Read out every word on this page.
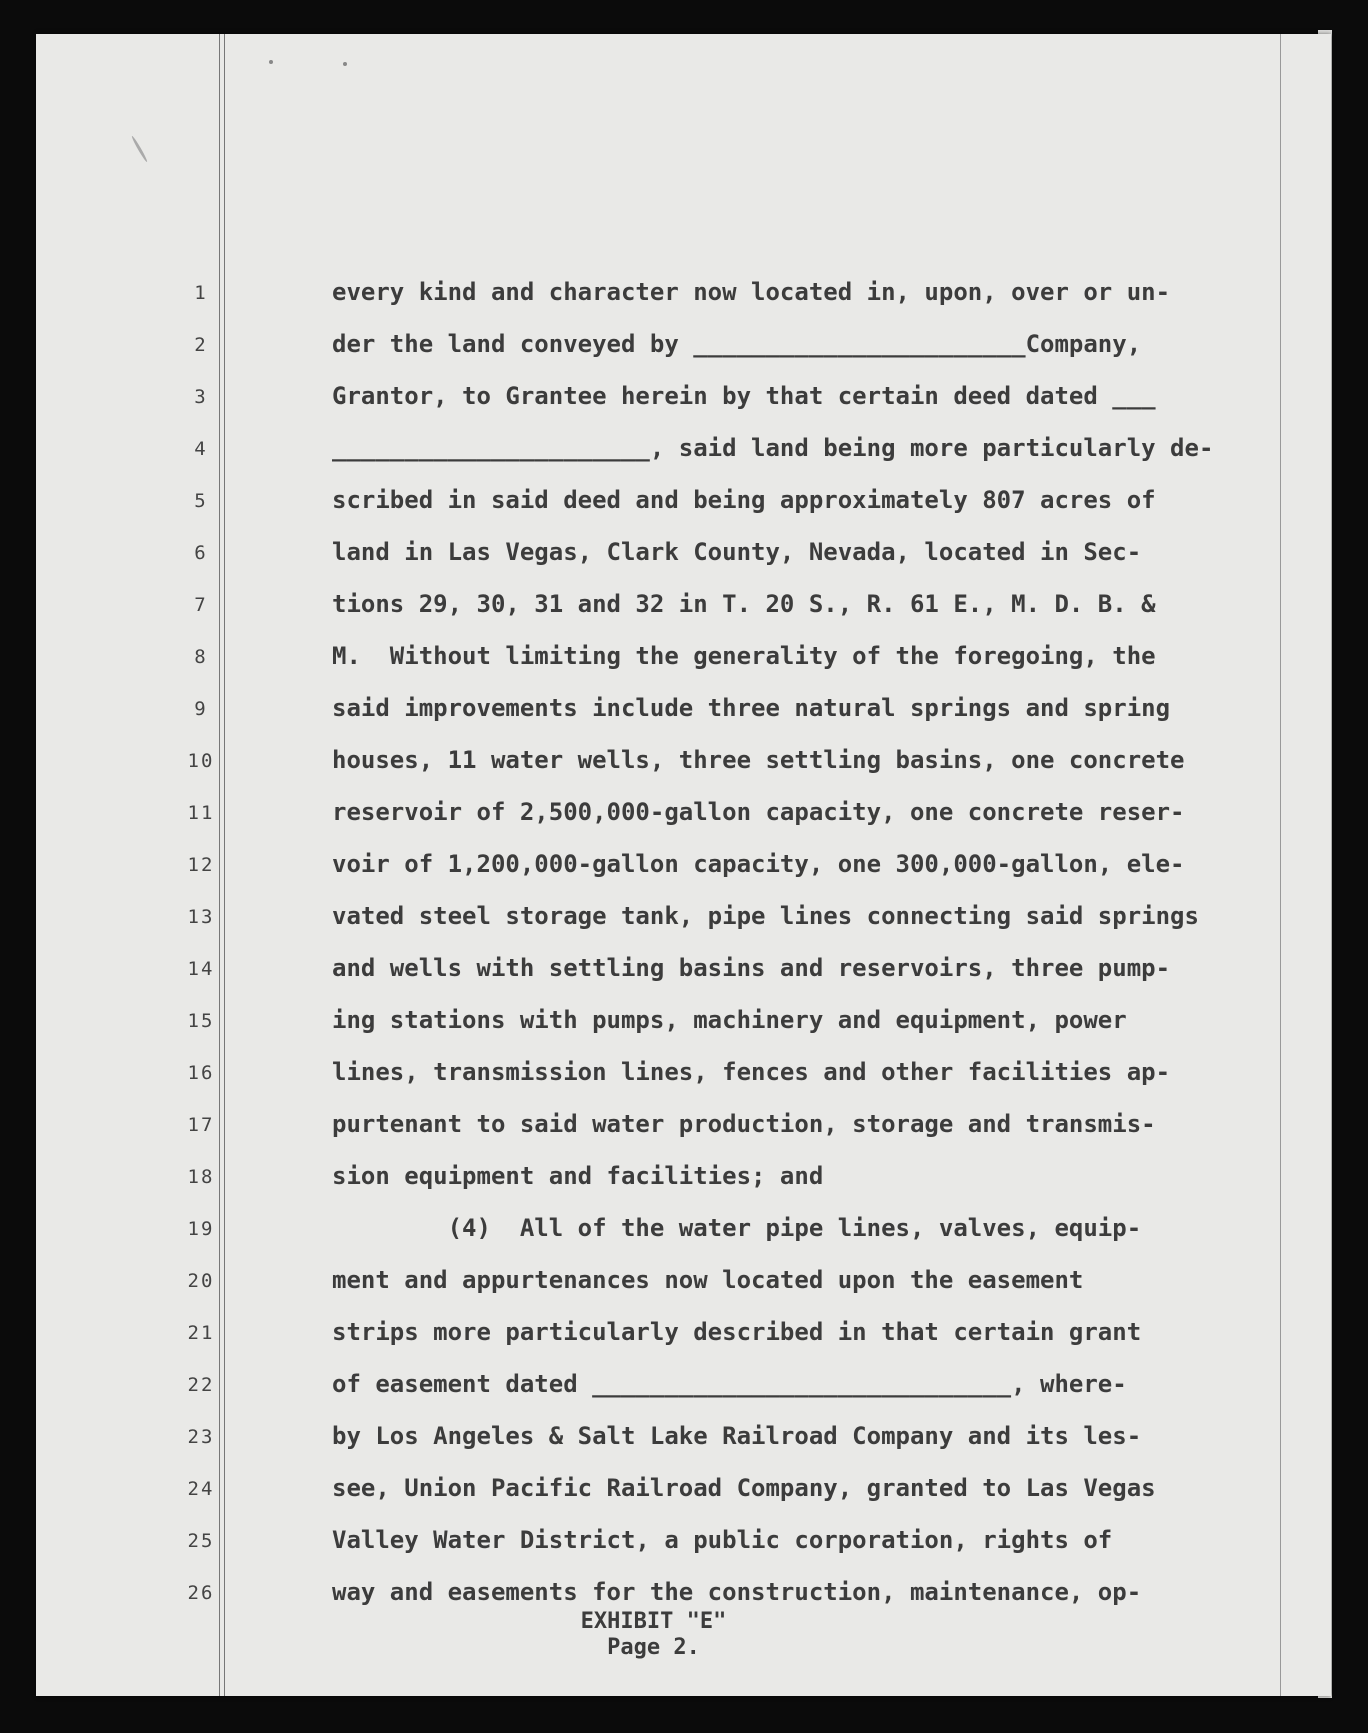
1
2
3
4
5
6
7
8
9
10
11
12
13
14
15
16
17
18
19
20
21
22
23
24
25
26
every kind and character now located in, upon, over or un-
der the land conveyed by _______________________Company,
Grantor, to Grantee herein by that certain deed dated ___
______________________, said land being more particularly de-
scribed in said deed and being approximately 807 acres of
land in Las Vegas, Clark County, Nevada, located in Sec-
tions 29, 30, 31 and 32 in T. 20 S., R. 61 E., M. D. B. &
M.  Without limiting the generality of the foregoing, the
said improvements include three natural springs and spring
houses, 11 water wells, three settling basins, one concrete
reservoir of 2,500,000-gallon capacity, one concrete reser-
voir of 1,200,000-gallon capacity, one 300,000-gallon, ele-
vated steel storage tank, pipe lines connecting said springs
and wells with settling basins and reservoirs, three pump-
ing stations with pumps, machinery and equipment, power
lines, transmission lines, fences and other facilities ap-
purtenant to said water production, storage and transmis-
sion equipment and facilities; and
(4)  All of the water pipe lines, valves, equip-
ment and appurtenances now located upon the easement
strips more particularly described in that certain grant
of easement dated _____________________________, where-
by Los Angeles & Salt Lake Railroad Company and its les-
see, Union Pacific Railroad Company, granted to Las Vegas
Valley Water District, a public corporation, rights of
way and easements for the construction, maintenance, op-
EXHIBIT "E"
Page 2.
